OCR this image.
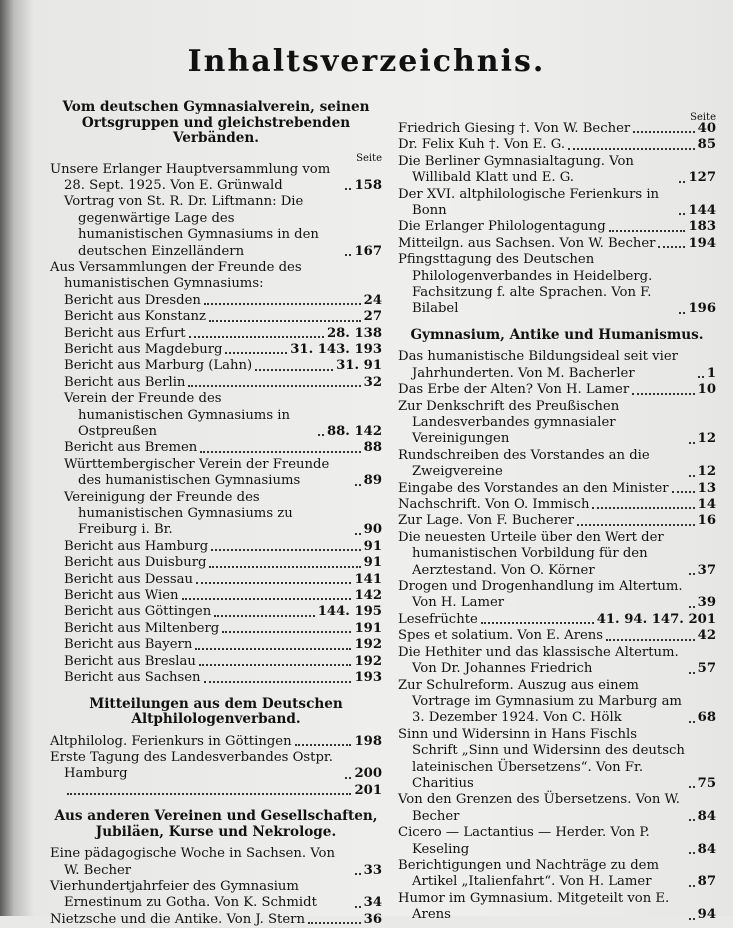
Inhaltsverzeichnis.
Vom deutschen Gymnasialverein, seinen Ortsgruppen und gleichstrebenden Verbänden.
Seite
Unsere Erlanger Hauptversammlung vom 28. Sept. 1925. Von E. Grünwald	158
Vortrag von St. R. Dr. Liftmann: Die gegenwärtige Lage des humanistischen Gymnasiums in den deutschen Einzelländern	167
Aus Versammlungen der Freunde des humanistischen Gymnasiums:
Bericht aus Dresden	24
Bericht aus Konstanz	27
Bericht aus Erfurt	28. 138
Bericht aus Magdeburg	31. 143. 193
Bericht aus Marburg (Lahn)	31. 91
Bericht aus Berlin	32
Verein der Freunde des humanistischen Gymnasiums in Ostpreußen	88. 142
Bericht aus Bremen	88
Württembergischer Verein der Freunde des humanistischen Gymnasiums	89
Vereinigung der Freunde des humanistischen Gymnasiums zu Freiburg i. Br.	90
Bericht aus Hamburg	91
Bericht aus Duisburg	91
Bericht aus Dessau	141
Bericht aus Wien	142
Bericht aus Göttingen	144. 195
Bericht aus Miltenberg	191
Bericht aus Bayern	192
Bericht aus Breslau	192
Bericht aus Sachsen	193
Mitteilungen aus dem Deutschen Altphilologenverband.
Altphilolog. Ferienkurs in Göttingen	198
Erste Tagung des Landesverbandes Ostpr. Hamburg	200
201
Aus anderen Vereinen und Gesellschaften, Jubiläen, Kurse und Nekrologe.
Eine pädagogische Woche in Sachsen. Von W. Becher	33
Vierhundertjahrfeier des Gymnasium Ernestinum zu Gotha. Von K. Schmidt	34
Nietzsche und die Antike. Von J. Stern	36
Seite
Friedrich Giesing †. Von W. Becher	40
Dr. Felix Kuh †. Von E. G.	85
Die Berliner Gymnasialtagung. Von Willibald Klatt und E. G.	127
Der XVI. altphilologische Ferienkurs in Bonn	144
Die Erlanger Philologentagung	183
Mitteilgn. aus Sachsen. Von W. Becher	194
Pfingsttagung des Deutschen Philologenverbandes in Heidelberg. Fachsitzung f. alte Sprachen. Von F. Bilabel	196
Gymnasium, Antike und Humanismus.
Das humanistische Bildungsideal seit vier Jahrhunderten. Von M. Bacherler	1
Das Erbe der Alten? Von H. Lamer	10
Zur Denkschrift des Preußischen Landesverbandes gymnasialer Vereinigungen	12
Rundschreiben des Vorstandes an die Zweigvereine	12
Eingabe des Vorstandes an den Minister 13
Nachschrift. Von O. Immisch	14
Zur Lage. Von F. Bucherer	16
Die neuesten Urteile über den Wert der humanistischen Vorbildung für den Aerztestand. Von O. Körner	37
Drogen und Drogenhandlung im Altertum. Von H. Lamer	39
Lesefrüchte	41. 94. 147. 201
Spes et solatium. Von E. Arens	42
Die Hethiter und das klassische Altertum. Von Dr. Johannes Friedrich	57
Zur Schulreform. Auszug aus einem Vortrage im Gymnasium zu Marburg am 3. Dezember 1924. Von C. Hölk	68
Sinn und Widersinn in Hans Fischls Schrift „Sinn und Widersinn des deutsch lateinischen Übersetzens“. Von Fr. Charitius	75
Von den Grenzen des Übersetzens. Von W. Becher	84
Cicero — Lactantius — Herder. Von P. Keseling	84
Berichtigungen und Nachträge zu dem Artikel „Italienfahrt“. Von H. Lamer	87
Humor im Gymnasium. Mitgeteilt von E. Arens	94
